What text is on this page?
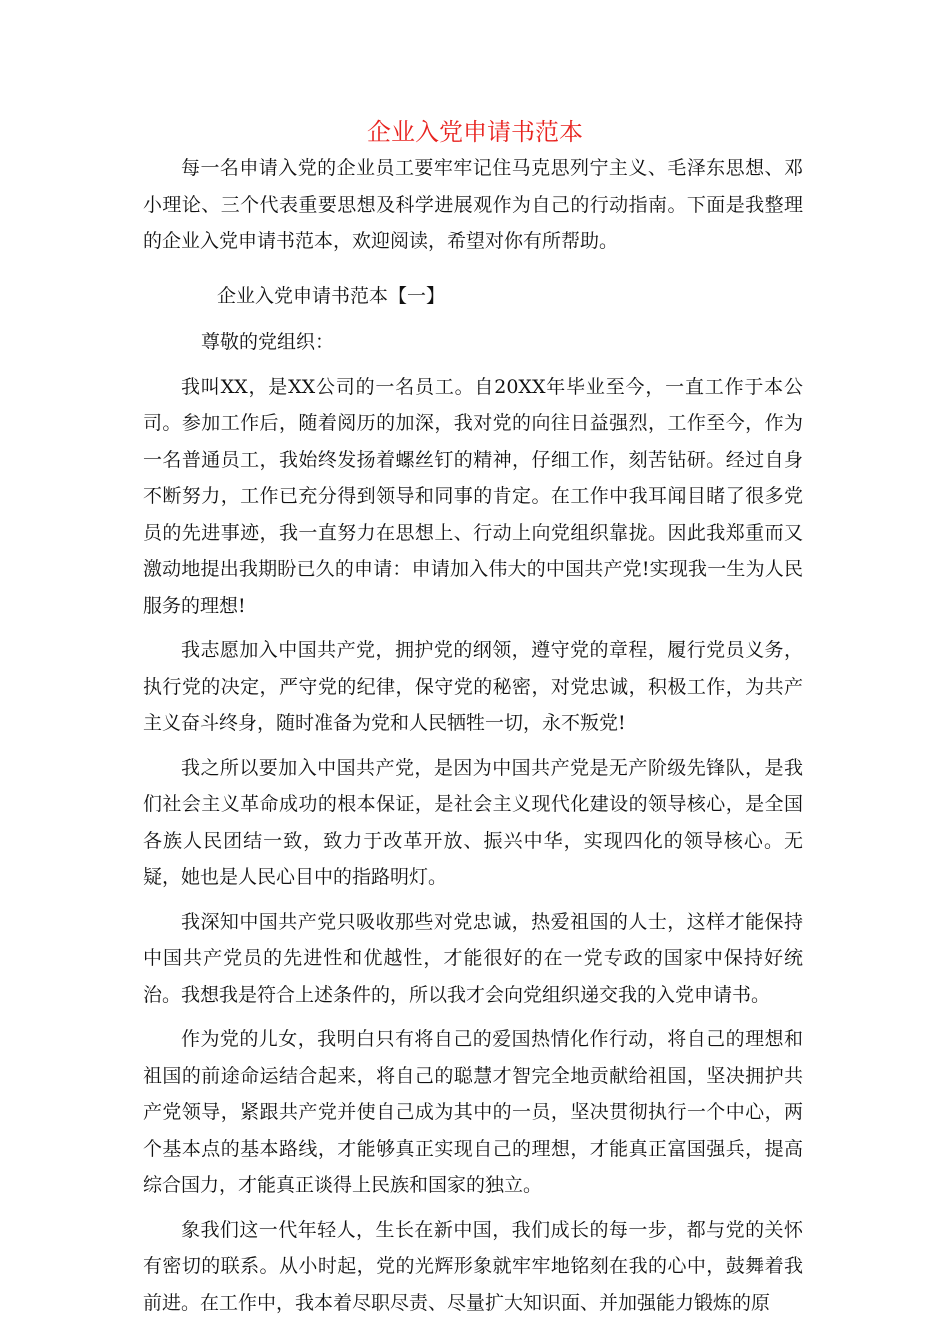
企业入党申请书范本

每一名申请入党的企业员工要牢牢记住马克思列宁主义、毛泽东思想、邓小理论、三个代表重要思想及科学进展观作为自己的行动指南。下面是我整理的企业入党申请书范本，欢迎阅读，希望对你有所帮助。

企业入党申请书范本【一】

尊敬的党组织：

我叫XX，是XX公司的一名员工。自20XX年毕业至今，一直工作于本公司。参加工作后，随着阅历的加深，我对党的向往日益强烈，工作至今，作为一名普通员工，我始终发扬着螺丝钉的精神，仔细工作，刻苦钻研。经过自身不断努力，工作已充分得到领导和同事的肯定。在工作中我耳闻目睹了很多党员的先进事迹，我一直努力在思想上、行动上向党组织靠拢。因此我郑重而又激动地提出我期盼已久的申请：申请加入伟大的中国共产党!实现我一生为人民服务的理想!

我志愿加入中国共产党，拥护党的纲领，遵守党的章程，履行党员义务，执行党的决定，严守党的纪律，保守党的秘密，对党忠诚，积极工作，为共产主义奋斗终身，随时准备为党和人民牺牲一切，永不叛党!

我之所以要加入中国共产党，是因为中国共产党是无产阶级先锋队，是我们社会主义革命成功的根本保证，是社会主义现代化建设的领导核心，是全国各族人民团结一致，致力于改革开放、振兴中华，实现四化的领导核心。无疑，她也是人民心目中的指路明灯。

我深知中国共产党只吸收那些对党忠诚，热爱祖国的人士，这样才能保持中国共产党员的先进性和优越性，才能很好的在一党专政的国家中保持好统治。我想我是符合上述条件的，所以我才会向党组织递交我的入党申请书。

作为党的儿女，我明白只有将自己的爱国热情化作行动，将自己的理想和祖国的前途命运结合起来，将自己的聪慧才智完全地贡献给祖国，坚决拥护共产党领导，紧跟共产党并使自己成为其中的一员，坚决贯彻执行一个中心，两个基本点的基本路线，才能够真正实现自己的理想，才能真正富国强兵，提高综合国力，才能真正谈得上民族和国家的独立。

象我们这一代年轻人，生长在新中国，我们成长的每一步，都与党的关怀有密切的联系。从小时起，党的光辉形象就牢牢地铭刻在我的心中，鼓舞着我前进。在工作中，我本着尽职尽责、尽量扩大知识面、并加强能力锻炼的原
